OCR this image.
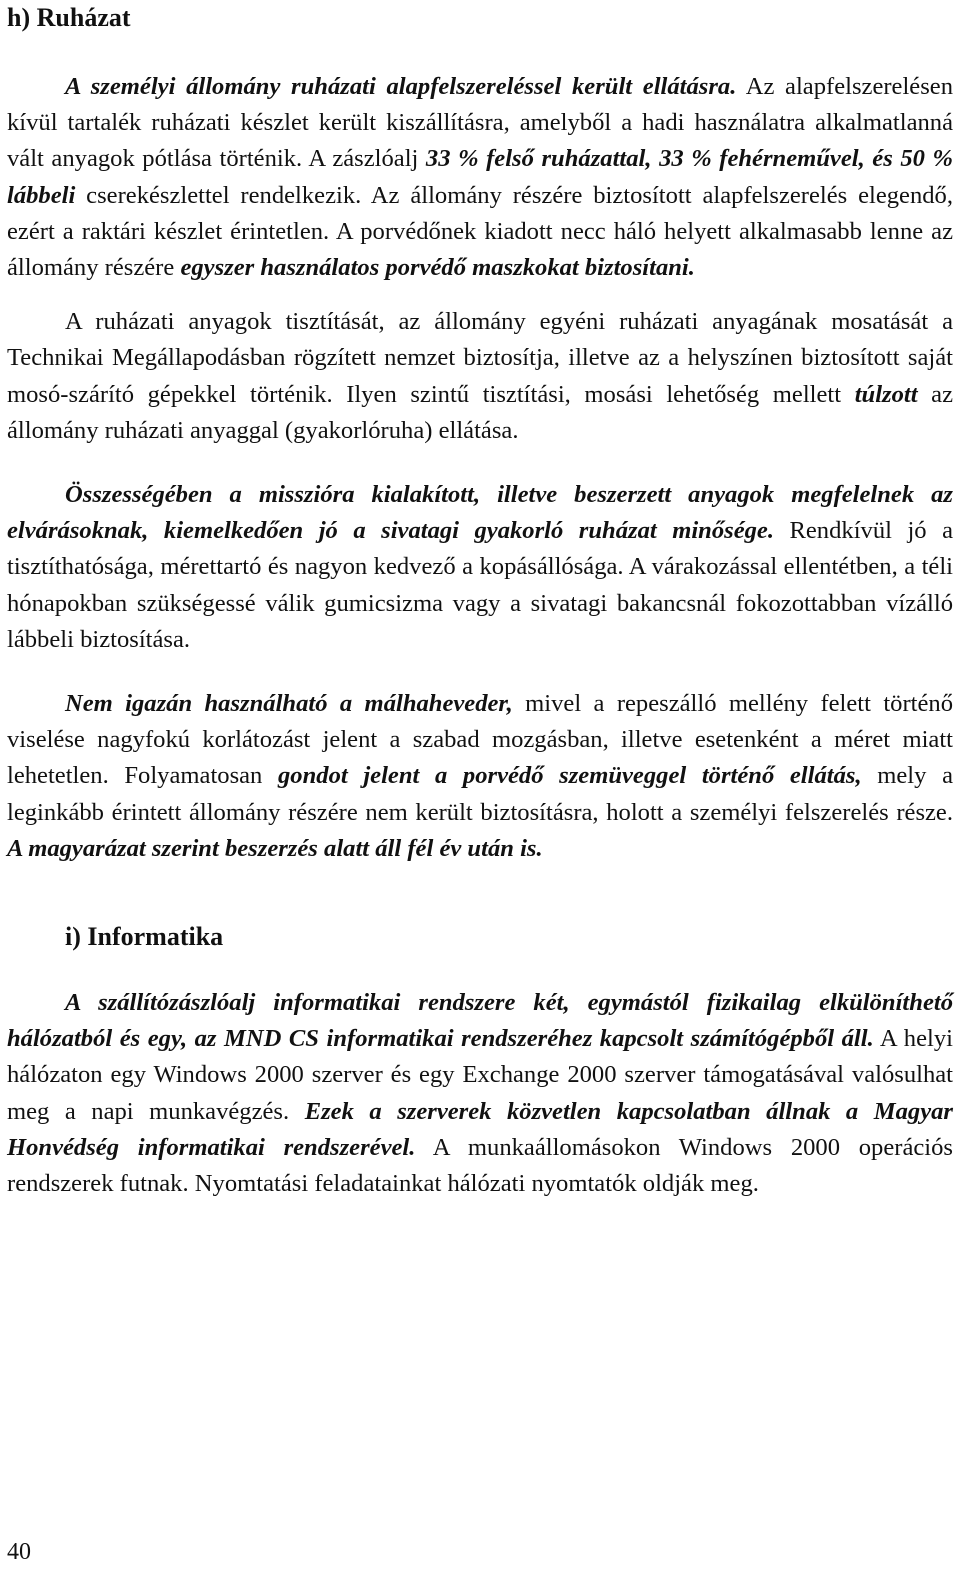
h) Ruházat

A személyi állomány ruházati alapfelszereléssel került ellátásra. Az alapfelszerelésen kívül tartalék ruházati készlet került kiszállításra, amelyből a hadi használatra alkalmatlanná vált anyagok pótlása történik. A zászlóalj 33 % felső ruházattal, 33 % fehérneművel, és 50 % lábbeli cserekészlettel rendelkezik. Az állomány részére biztosított alapfelszerelés elegendő, ezért a raktári készlet érintetlen. A porvédőnek kiadott necc háló helyett alkalmasabb lenne az állomány részére egyszer használatos porvédő maszkokat biztosítani.

A ruházati anyagok tisztítását, az állomány egyéni ruházati anyagának mosatását a Technikai Megállapodásban rögzített nemzet biztosítja, illetve az a helyszínen biztosított saját mosó-szárító gépekkel történik. Ilyen szintű tisztítási, mosási lehetőség mellett túlzott az állomány ruházati anyaggal (gyakorlóruha) ellátása.

Összességében a misszióra kialakított, illetve beszerzett anyagok megfelelnek az elvárásoknak, kiemelkedően jó a sivatagi gyakorló ruházat minősége. Rendkívül jó a tisztíthatósága, mérettartó és nagyon kedvező a kopásállósága. A várakozással ellentétben, a téli hónapokban szükségessé válik gumicsizma vagy a sivatagi bakancsnál fokozottabban vízálló lábbeli biztosítása.

Nem igazán használható a málhaheveder, mivel a repeszálló mellény felett történő viselése nagyfokú korlátozást jelent a szabad mozgásban, illetve esetenként a méret miatt lehetetlen. Folyamatosan gondot jelent a porvédő szemüveggel történő ellátás, mely a leginkább érintett állomány részére nem került biztosításra, holott a személyi felszerelés része. A magyarázat szerint beszerzés alatt áll fél év után is.

i) Informatika

A szállítózászlóalj informatikai rendszere két, egymástól fizikailag elkülöníthető hálózatból és egy, az MND CS informatikai rendszeréhez kapcsolt számítógépből áll. A helyi hálózaton egy Windows 2000 szerver és egy Exchange 2000 szerver támogatásával valósulhat meg a napi munkavégzés. Ezek a szerverek közvetlen kapcsolatban állnak a Magyar Honvédség informatikai rendszerével. A munkaállomásokon Windows 2000 operációs rendszerek futnak. Nyomtatási feladatainkat hálózati nyomtatók oldják meg.

40
